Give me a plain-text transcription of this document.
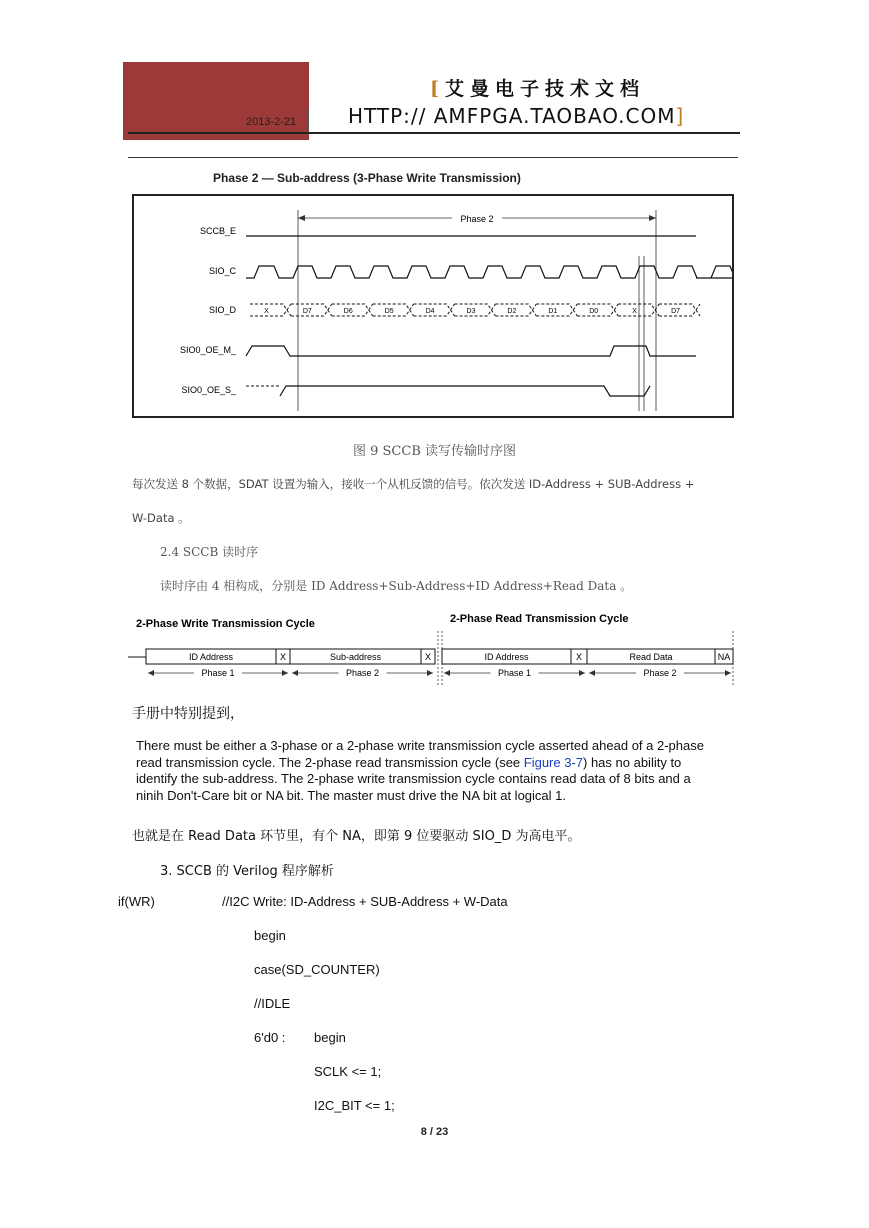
2013-2-21
[艾曼电子技术文档
HTTP:// AMFPGA.TAOBAO.COM]
Phase 2 — Sub-address (3-Phase Write Transmission)
SCCB_E
SIO_C
SIO_D
SIO0_OE_M_
SIO0_OE_S_
Phase 2
X	D7	D6	D5	D4	D3	D2	D1	D0	X	D7
图 9 SCCB 读写传输时序图
每次发送 8 个数据，SDAT 设置为输入，接收一个从机反馈的信号。依次发送 ID-Address + SUB-Address +
W-Data 。
2.4 SCCB 读时序
读时序由 4 相构成，分别是 ID Address+Sub-Address+ID Address+Read Data 。
2-Phase Write Transmission Cycle	2-Phase Read Transmission Cycle
ID Address	X	Sub-address	X	ID Address	X	Read Data	NA
Phase 1	Phase 2	Phase 1	Phase 2
手册中特别提到，
There must be either a 3-phase or a 2-phase write transmission cycle asserted ahead of a 2-phase
read transmission cycle. The 2-phase read transmission cycle (see Figure 3-7) has no ability to
identify the sub-address. The 2-phase write transmission cycle contains read data of 8 bits and a
ninih Don't-Care bit or NA bit. The master must drive the NA bit at logical 1.
也就是在 Read Data 环节里，有个 NA，即第 9 位要驱动 SIO_D 为高电平。
3. SCCB 的 Verilog 程序解析
if(WR)	//I2C Write: ID-Address + SUB-Address + W-Data
begin
case(SD_COUNTER)
//IDLE
6'd0 : begin
SCLK <= 1;
I2C_BIT <= 1;
8 / 23
